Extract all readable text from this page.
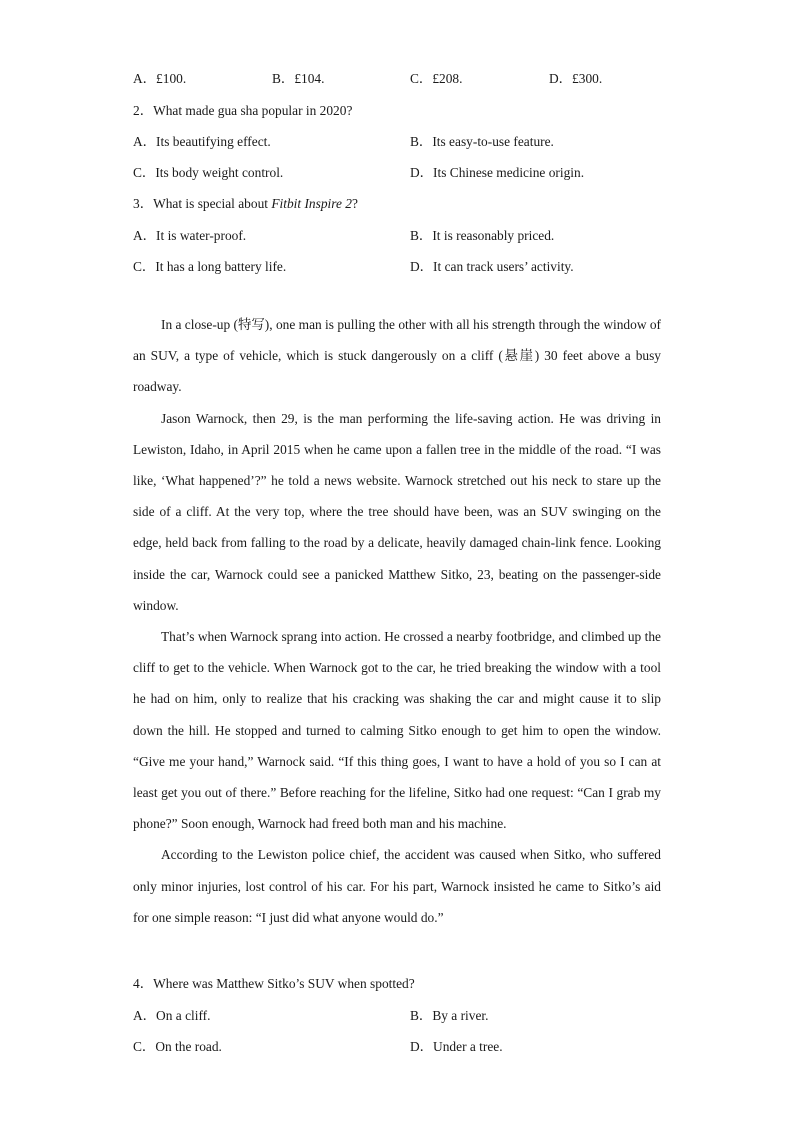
A．£100.	B．£104.	C．£208.	D．£300.
2．What made gua sha popular in 2020?
A．Its beautifying effect.	B．Its easy-to-use feature.
C．Its body weight control.	D．Its Chinese medicine origin.
3．What is special about Fitbit Inspire 2?
A．It is water-proof.	B．It is reasonably priced.
C．It has a long battery life.	D．It can track users’ activity.

In a close-up (特写), one man is pulling the other with all his strength through the window of an SUV, a type of vehicle, which is stuck dangerously on a cliff (悬崖) 30 feet above a busy roadway.

Jason Warnock, then 29, is the man performing the life-saving action. He was driving in Lewiston, Idaho, in April 2015 when he came upon a fallen tree in the middle of the road. “I was like, ‘What happened’?” he told a news website. Warnock stretched out his neck to stare up the side of a cliff. At the very top, where the tree should have been, was an SUV swinging on the edge, held back from falling to the road by a delicate, heavily damaged chain-link fence. Looking inside the car, Warnock could see a panicked Matthew Sitko, 23, beating on the passenger-side window.

That’s when Warnock sprang into action. He crossed a nearby footbridge, and climbed up the cliff to get to the vehicle. When Warnock got to the car, he tried breaking the window with a tool he had on him, only to realize that his cracking was shaking the car and might cause it to slip down the hill. He stopped and turned to calming Sitko enough to get him to open the window. “Give me your hand,” Warnock said. “If this thing goes, I want to have a hold of you so I can at least get you out of there.” Before reaching for the lifeline, Sitko had one request: “Can I grab my phone?” Soon enough, Warnock had freed both man and his machine.

According to the Lewiston police chief, the accident was caused when Sitko, who suffered only minor injuries, lost control of his car. For his part, Warnock insisted he came to Sitko’s aid for one simple reason: “I just did what anyone would do.”

4．Where was Matthew Sitko’s SUV when spotted?
A．On a cliff.	B．By a river.
C．On the road.	D．Under a tree.
